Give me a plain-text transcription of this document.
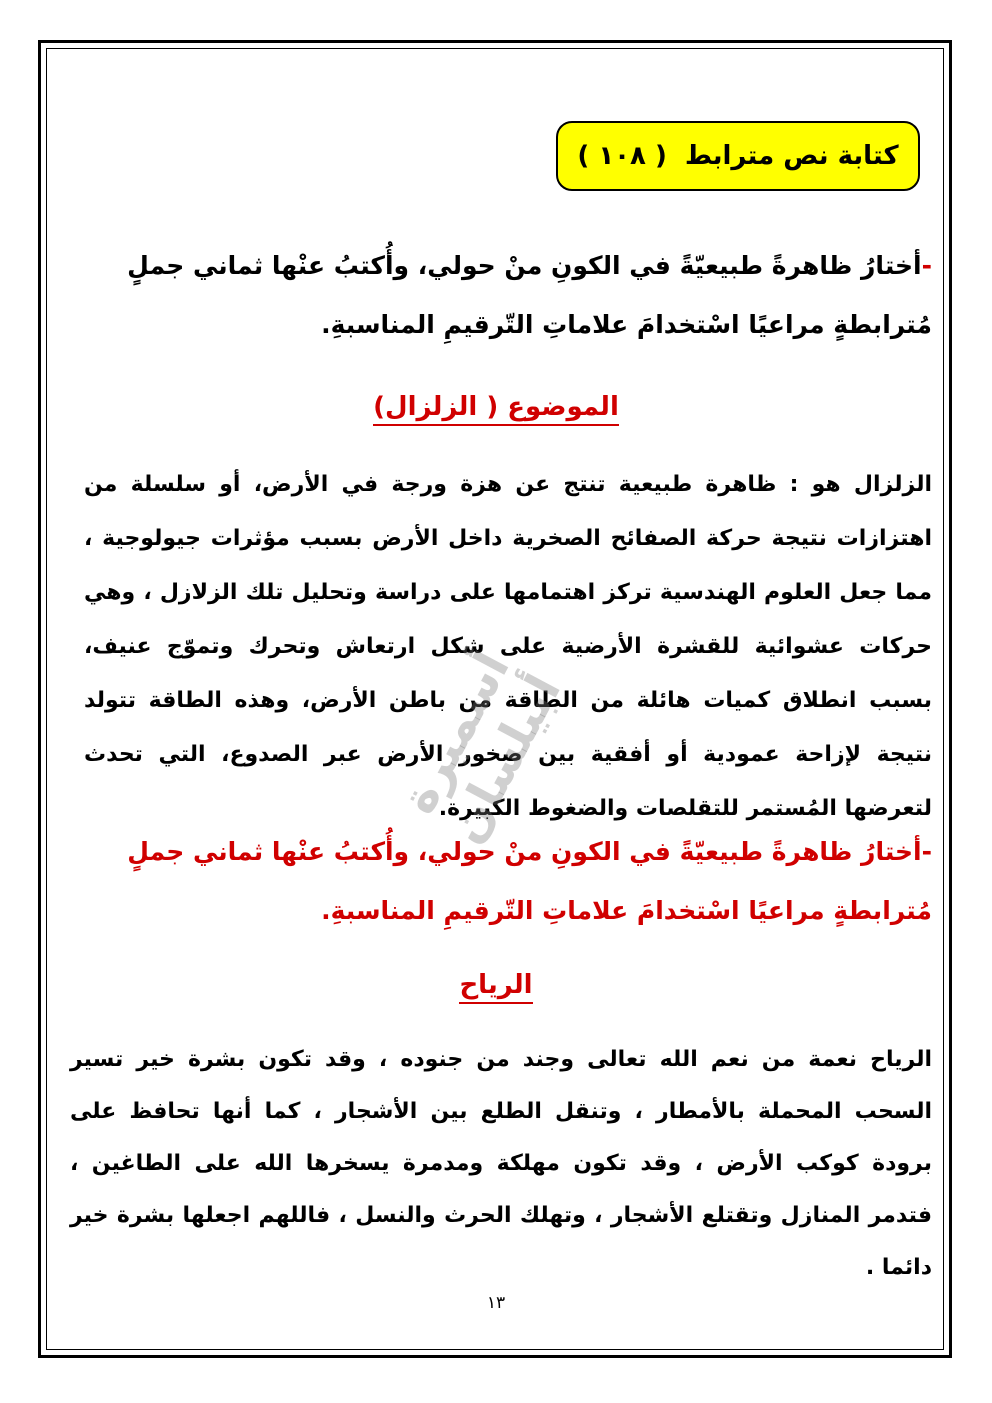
كتابة نص مترابط
( ١٠٨ )
-أختارُ ظاهرةً طبيعيّةً في الكونِ منْ حولي، وأُكتبُ عنْها ثماني جملٍ مُترابطةٍ مراعيًا اسْتخدامَ علاماتِ التّرقيمِ المناسبةِ.
الموضوع ( الزلزال)
الزلزال هو : ظاهرة طبيعية تنتج عن هزة ورجة في الأرض، أو سلسلة من اهتزازات نتيجة حركة الصفائح الصخرية داخل الأرض بسبب مؤثرات جيولوجية ، مما جعل العلوم الهندسية تركز اهتمامها على دراسة وتحليل تلك الزلازل ، وهي حركات عشوائية للقشرة الأرضية على شكل ارتعاش وتحرك وتموّج عنيف، بسبب انطلاق كميات هائلة من الطاقة من باطن الأرض، وهذه الطاقة تتولد نتيجة لإزاحة عمودية أو أفقية بين صخور الأرض عبر الصدوع، التي تحدث لتعرضها المُستمر للتقلصات والضغوط الكبيرة.
أسميرة أبيلسان
-أختارُ ظاهرةً طبيعيّةً في الكونِ منْ حولي، وأُكتبُ عنْها ثماني جملٍ مُترابطةٍ مراعيًا اسْتخدامَ علاماتِ التّرقيمِ المناسبةِ.
الرياح
الرياح نعمة من نعم الله تعالى وجند من جنوده ، وقد تكون بشرة خير تسير السحب المحملة بالأمطار ، وتنقل الطلع بين الأشجار ، كما أنها تحافظ على برودة كوكب الأرض ، وقد تكون مهلكة ومدمرة يسخرها الله على الطاغين ، فتدمر المنازل وتقتلع الأشجار ، وتهلك الحرث والنسل ، فاللهم اجعلها بشرة خير دائما .
١٣
